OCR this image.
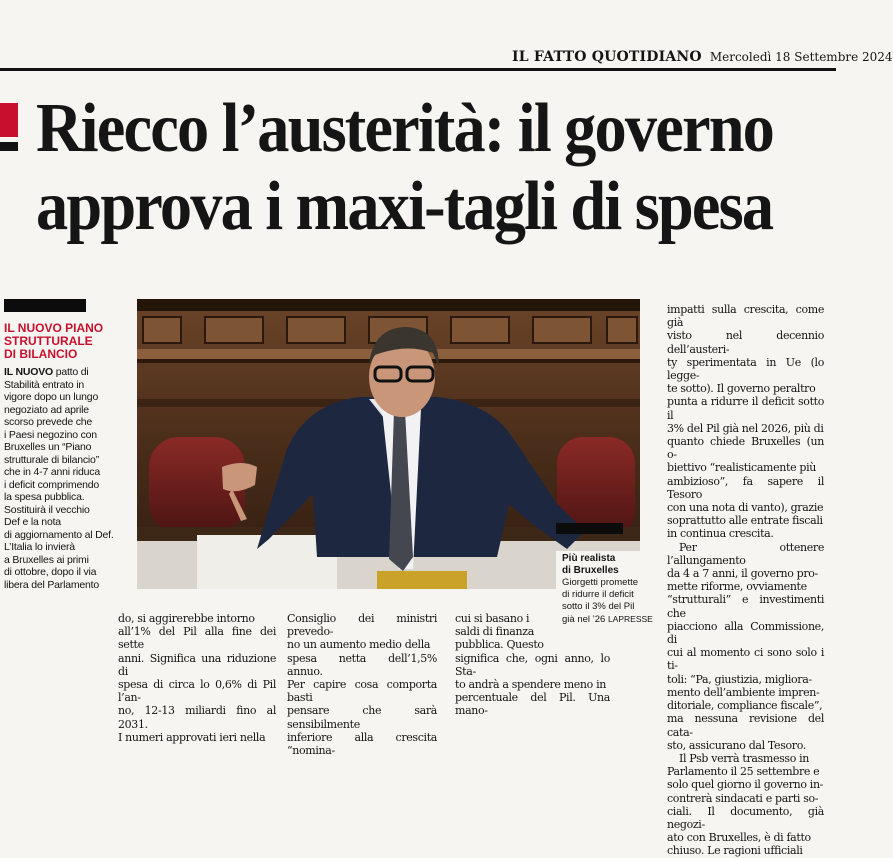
IL FATTO QUOTIDIANO Mercoledì 18 Settembre 2024
Riecco l’austerità: il governo
approva i maxi-tagli di spesa
IL NUOVO PIANO
STRUTTURALE
DI BILANCIO

IL NUOVO patto di
Stabilità entrato in
vigore dopo un lungo
negoziato ad aprile
scorso prevede che
i Paesi negozino con
Bruxelles un “Piano
strutturale di bilancio”
che in 4-7 anni riduca
i deficit comprimendo
la spesa pubblica.
Sostituirà il vecchio
Def e la nota
di aggiornamento al Def.
L’Italia lo invierà
a Bruxelles ai primi
di ottobre, dopo il via
libera del Parlamento

Più realista
di Bruxelles
Giorgetti promette
di ridurre il deficit
sotto il 3% del Pil
già nel ’26 LAPRESSE

impatti sulla crescita, come già
visto nel decennio dell’austeri-
ty sperimentata in Ue (lo legge-
te sotto). Il governo peraltro
punta a ridurre il deficit sotto il
3% del Pil già nel 2026, più di
quanto chiede Bruxelles (un o-
biettivo “realisticamente più
ambizioso”, fa sapere il Tesoro
con una nota di vanto), grazie
soprattutto alle entrate fiscali
in continua crescita.

Per ottenere l’allungamento
da 4 a 7 anni, il governo pro-
mette riforme, ovviamente
“strutturali” e investimenti che
piacciono alla Commissione, di
cui al momento ci sono solo i ti-
toli: “Pa, giustizia, migliora-
mento dell’ambiente impren-
ditoriale, compliance fiscale”,
ma nessuna revisione del cata-
sto, assicurano dal Tesoro.

Il Psb verrà trasmesso in
Parlamento il 25 settembre e
solo quel giorno il governo in-
contrerà sindacati e parti so-
ciali. Il documento, già negozi-
ato con Bruxelles, è di fatto
chiuso. Le ragioni ufficiali

do, si aggirerebbe intorno
all’1% del Pil alla fine dei sette
anni. Significa una riduzione di
spesa di circa lo 0,6% di Pil l’an-
no, 12-13 miliardi fino al 2031.
I numeri approvati ieri nella

Consiglio dei ministri prevedo-
no un aumento medio della
spesa netta dell’1,5% annuo.
Per capire cosa comporta basti
pensare che sarà sensibilmente
inferiore alla crescita “nomina-

cui si basano i
saldi di finanza
pubblica. Questo
significa che, ogni anno, lo Sta-
to andrà a spendere meno in
percentuale del Pil. Una mano-
